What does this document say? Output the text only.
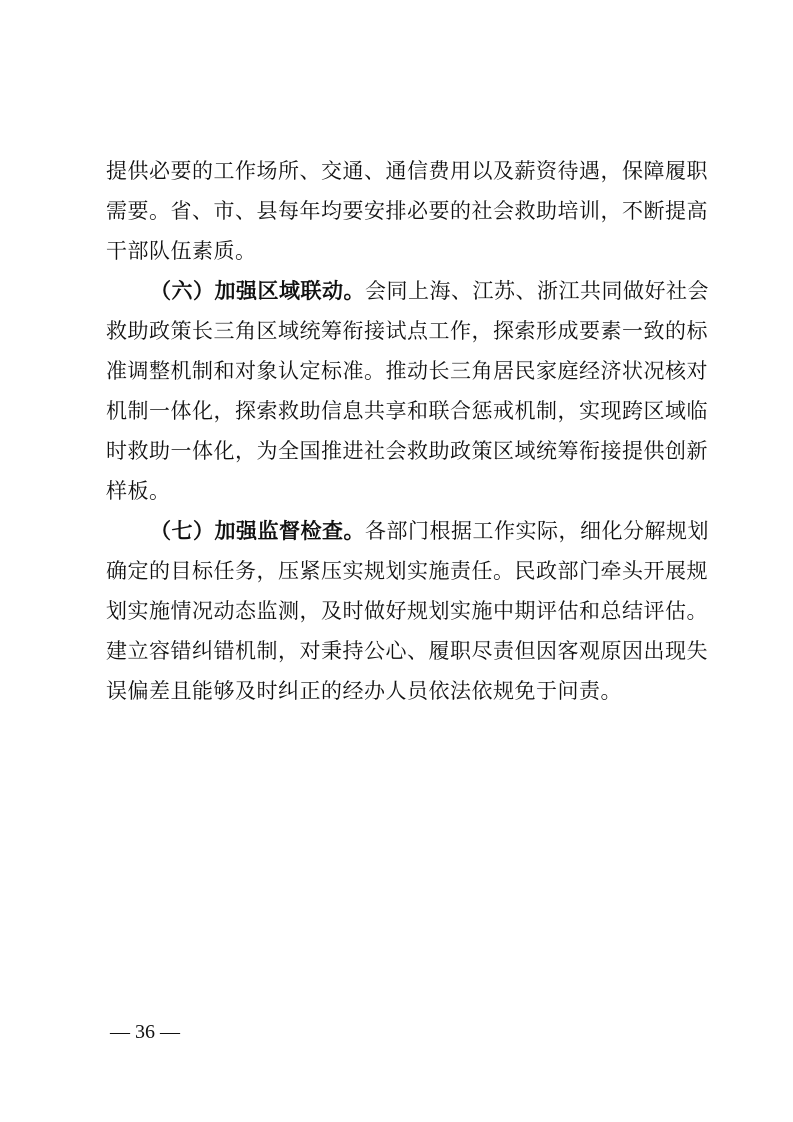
提供必要的工作场所、交通、通信费用以及薪资待遇，保障履职
需要。省、市、县每年均要安排必要的社会救助培训，不断提高
干部队伍素质。
（六）加强区域联动。会同上海、江苏、浙江共同做好社会
救助政策长三角区域统筹衔接试点工作，探索形成要素一致的标
准调整机制和对象认定标准。推动长三角居民家庭经济状况核对
机制一体化，探索救助信息共享和联合惩戒机制，实现跨区域临
时救助一体化，为全国推进社会救助政策区域统筹衔接提供创新
样板。
（七）加强监督检查。各部门根据工作实际，细化分解规划
确定的目标任务，压紧压实规划实施责任。民政部门牵头开展规
划实施情况动态监测，及时做好规划实施中期评估和总结评估。
建立容错纠错机制，对秉持公心、履职尽责但因客观原因出现失
误偏差且能够及时纠正的经办人员依法依规免于问责。
— 36 —
